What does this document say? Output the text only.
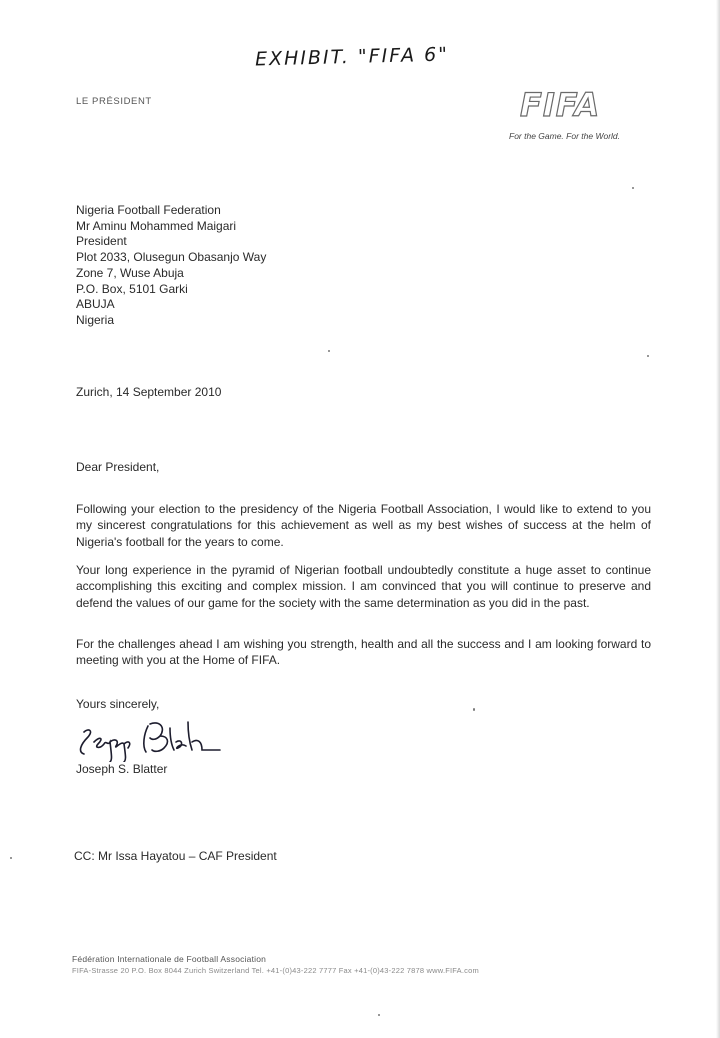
EXHIBIT. "FIFA 6"
LE PRÉSIDENT	FIFA
For the Game. For the World.
Nigeria Football Federation
Mr Aminu Mohammed Maigari
President
Plot 2033, Olusegun Obasanjo Way
Zone 7, Wuse Abuja
P.O. Box, 5101 Garki
ABUJA
Nigeria
Zurich, 14 September 2010
Dear President,

Following your election to the presidency of the Nigeria Football Association, I would like to extend to you my sincerest congratulations for this achievement as well as my best wishes of success at the helm of Nigeria's football for the years to come.

Your long experience in the pyramid of Nigerian football undoubtedly constitute a huge asset to continue accomplishing this exciting and complex mission. I am convinced that you will continue to preserve and defend the values of our game for the society with the same determination as you did in the past.

For the challenges ahead I am wishing you strength, health and all the success and I am looking forward to meeting with you at the Home of FIFA.

Yours sincerely,
Joseph S. Blatter
CC: Mr Issa Hayatou – CAF President
Fédération Internationale de Football Association
FIFA-Strasse 20 P.O. Box 8044 Zurich Switzerland Tel. +41-(0)43-222 7777 Fax +41-(0)43-222 7878 www.FIFA.com
